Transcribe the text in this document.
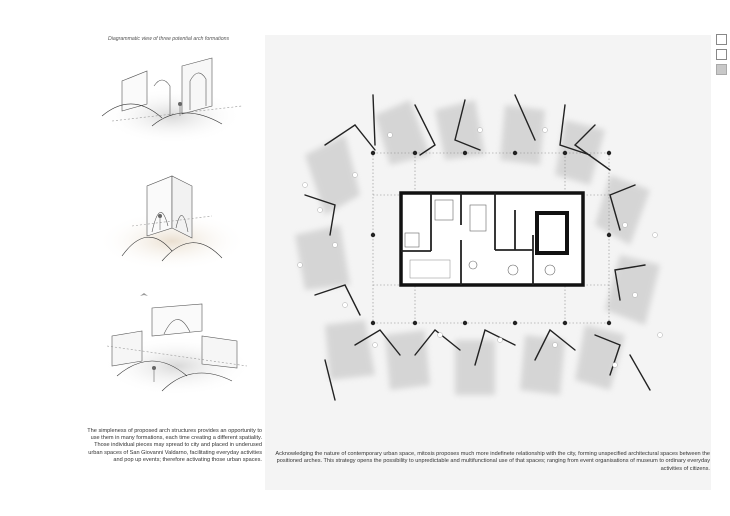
Diagrammatic view of three potential arch formations
The simpleness of proposed arch structures provides an opportunity to use them in many formations, each time creating a different spatiality. Those individual pieces may spread to city and placed in underused urban spaces of San Giovanni Valdarno, facilitating everyday activities and pop up events; therefore activating those urban spaces.
Acknowledging the nature of contemporary urban space, mitosis proposes much more indefinete relationship with the city, forming unspecified architectural spaces between the positioned arches. This strategy opens the possibility to unpredictable and multifunctional use of that spaces; ranging from event organisations of museum to ordinary everyday activities of citizens.
